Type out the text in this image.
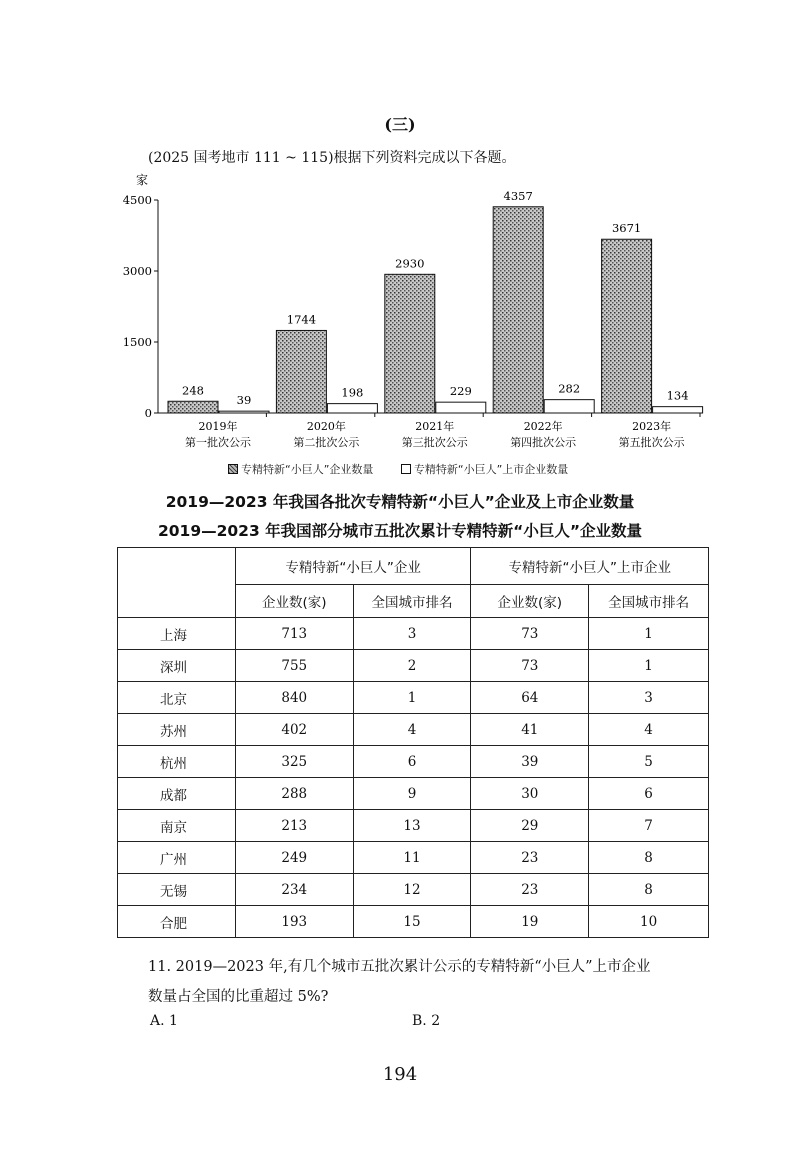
(三)
(2025 国考地市 111 ~ 115)根据下列资料完成以下各题。
家
0
1500
3000
4500
248
39
2019年
第一批次公示
1744
198
2020年
第二批次公示
2930
229
2021年
第三批次公示
4357
282
2022年
第四批次公示
3671
134
2023年
第五批次公示
专精特新“小巨人”企业数量	专精特新“小巨人”上市企业数量
2019—2023 年我国各批次专精特新“小巨人”企业及上市企业数量
2019—2023 年我国部分城市五批次累计专精特新“小巨人”企业数量
	专精特新“小巨人”企业		专精特新“小巨人”上市企业	
	企业数(家)	全国城市排名	企业数(家)	全国城市排名
上海	713	3	73	1
深圳	755	2	73	1
北京	840	1	64	3
苏州	402	4	41	4
杭州	325	6	39	5
成都	288	9	30	6
南京	213	13	29	7
广州	249	11	23	8
无锡	234	12	23	8
合肥	193	15	19	10
11. 2019—2023 年,有几个城市五批次累计公示的专精特新“小巨人”上市企业
数量占全国的比重超过 5%?
A. 1	B. 2
194
